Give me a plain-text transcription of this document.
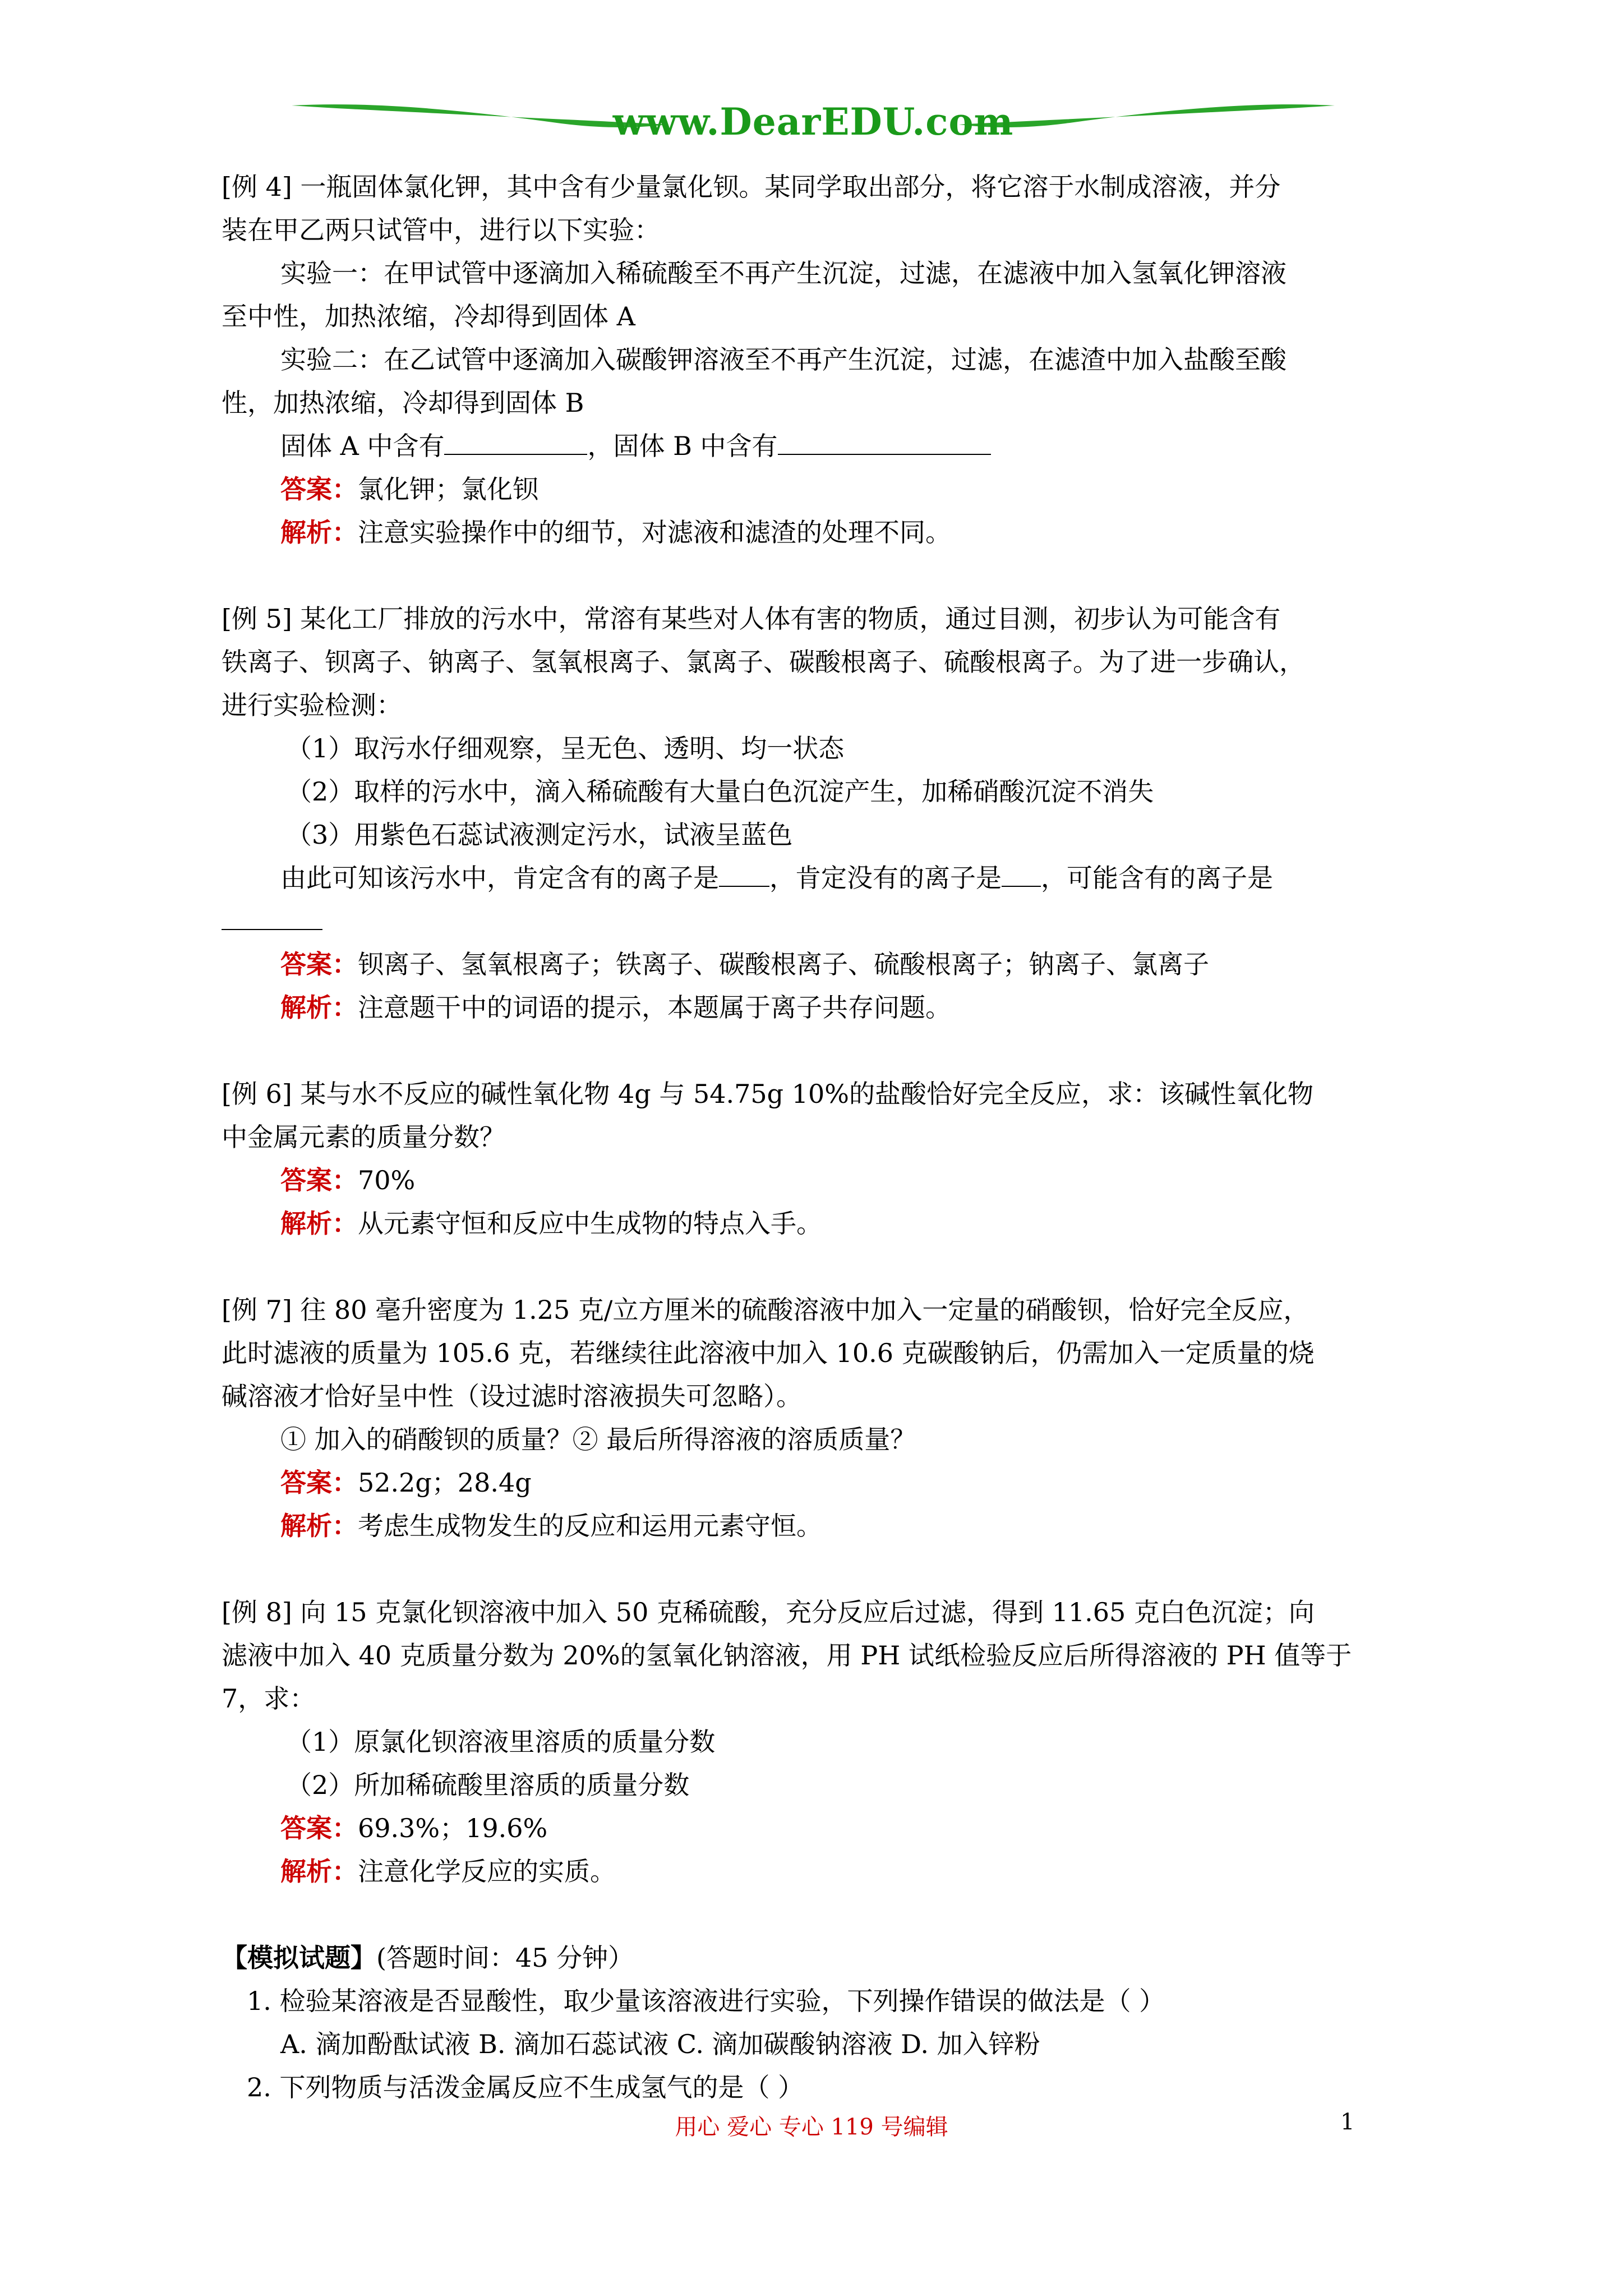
www.DearEDU.com

[例 4] 一瓶固体氯化钾，其中含有少量氯化钡。某同学取出部分，将它溶于水制成溶液，并分

装在甲乙两只试管中，进行以下实验：

实验一：在甲试管中逐滴加入稀硫酸至不再产生沉淀，过滤，在滤液中加入氢氧化钾溶液

至中性，加热浓缩，冷却得到固体 A

实验二：在乙试管中逐滴加入碳酸钾溶液至不再产生沉淀，过滤，在滤渣中加入盐酸至酸

性，加热浓缩，冷却得到固体 B

固体 A 中含有	，固体 B 中含有

答案：氯化钾；氯化钡

解析：注意实验操作中的细节，对滤液和滤渣的处理不同。

[例 5] 某化工厂排放的污水中，常溶有某些对人体有害的物质，通过目测，初步认为可能含有

铁离子、钡离子、钠离子、氢氧根离子、氯离子、碳酸根离子、硫酸根离子。为了进一步确认，

进行实验检测：

（1）取污水仔细观察，呈无色、透明、均一状态

（2）取样的污水中，滴入稀硫酸有大量白色沉淀产生，加稀硝酸沉淀不消失

（3）用紫色石蕊试液测定污水，试液呈蓝色

由此可知该污水中，肯定含有的离子是 ，肯定没有的离子是 ，可能含有的离子是

答案：钡离子、氢氧根离子；铁离子、碳酸根离子、硫酸根离子；钠离子、氯离子

解析：注意题干中的词语的提示，本题属于离子共存问题。

[例 6] 某与水不反应的碱性氧化物 4g 与 54.75g 10%的盐酸恰好完全反应，求：该碱性氧化物

中金属元素的质量分数？

答案：70%

解析：从元素守恒和反应中生成物的特点入手。

[例 7] 往 80 毫升密度为 1.25 克/立方厘米的硫酸溶液中加入一定量的硝酸钡，恰好完全反应，

此时滤液的质量为 105.6 克，若继续往此溶液中加入 10.6 克碳酸钠后，仍需加入一定质量的烧

碱溶液才恰好呈中性（设过滤时溶液损失可忽略）。

① 加入的硝酸钡的质量？② 最后所得溶液的溶质质量？

答案：52.2g；28.4g

解析：考虑生成物发生的反应和运用元素守恒。

[例 8] 向 15 克氯化钡溶液中加入 50 克稀硫酸，充分反应后过滤，得到 11.65 克白色沉淀；向

滤液中加入 40 克质量分数为 20%的氢氧化钠溶液，用 PH 试纸检验反应后所得溶液的 PH 值等于

7，求：

（1）原氯化钡溶液里溶质的质量分数

（2）所加稀硫酸里溶质的质量分数

答案：69.3%；19.6%

解析：注意化学反应的实质。

【模拟试题】(答题时间：45 分钟）

1. 检验某溶液是否显酸性，取少量该溶液进行实验，下列操作错误的做法是（ ）

A. 滴加酚酞试液 B. 滴加石蕊试液 C. 滴加碳酸钠溶液 D. 加入锌粉

2. 下列物质与活泼金属反应不生成氢气的是（ ）

用心 爱心 专心 119 号编辑	1
